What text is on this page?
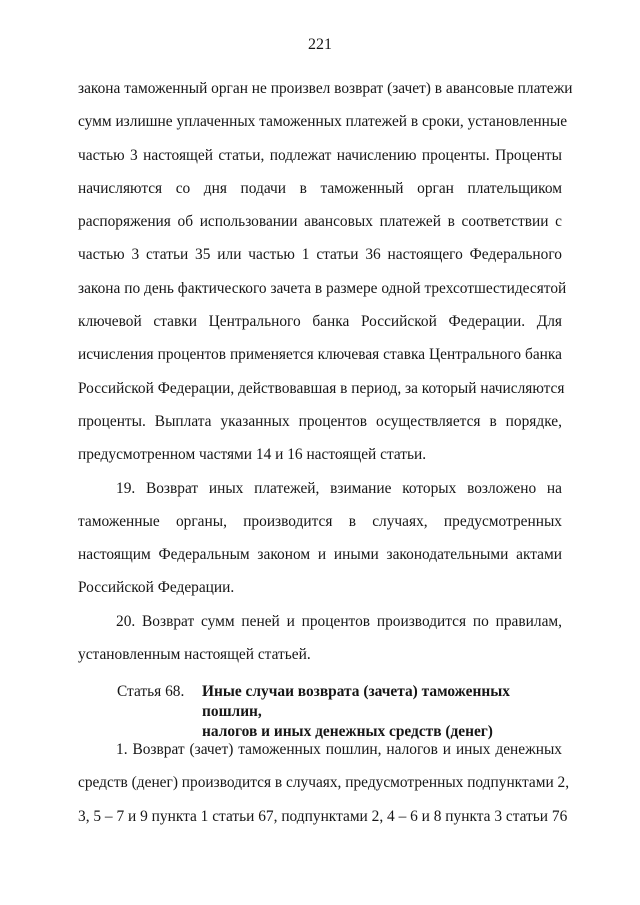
221
закона таможенный орган не произвел возврат (зачет) в авансовые платежи
сумм излишне уплаченных таможенных платежей в сроки, установленные
частью 3 настоящей статьи, подлежат начислению проценты. Проценты
начисляются со дня подачи в таможенный орган плательщиком
распоряжения об использовании авансовых платежей в соответствии с
частью 3 статьи 35 или частью 1 статьи 36 настоящего Федерального
закона по день фактического зачета в размере одной трехсотшестидесятой
ключевой ставки Центрального банка Российской Федерации. Для
исчисления процентов применяется ключевая ставка Центрального банка
Российской Федерации, действовавшая в период, за который начисляются
проценты. Выплата указанных процентов осуществляется в порядке,
предусмотренном частями 14 и 16 настоящей статьи.
19. Возврат иных платежей, взимание которых возложено на
таможенные органы, производится в случаях, предусмотренных
настоящим Федеральным законом и иными законодательными актами
Российской Федерации.
20. Возврат сумм пеней и процентов производится по правилам,
установленным настоящей статьей.
Статья 68. Иные случаи возврата (зачета) таможенных пошлин,
налогов и иных денежных средств (денег)
1. Возврат (зачет) таможенных пошлин, налогов и иных денежных
средств (денег) производится в случаях, предусмотренных подпунктами 2,
3, 5 – 7 и 9 пункта 1 статьи 67, подпунктами 2, 4 – 6 и 8 пункта 3 статьи 76
